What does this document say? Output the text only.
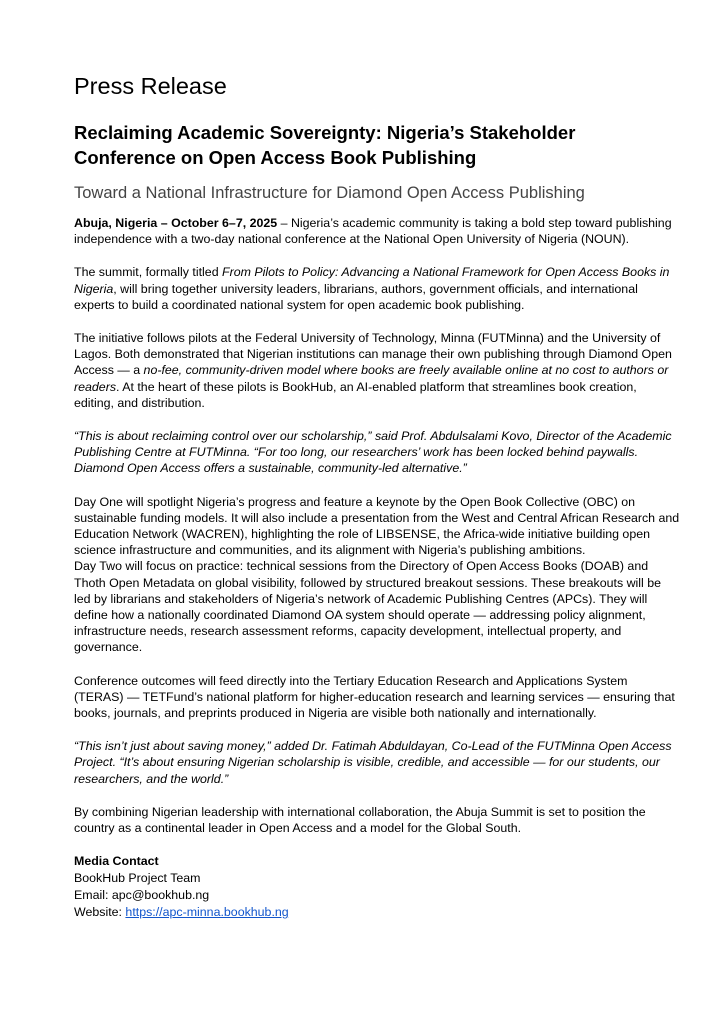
Press Release
Reclaiming Academic Sovereignty: Nigeria’s Stakeholder Conference on Open Access Book Publishing
Toward a National Infrastructure for Diamond Open Access Publishing

Abuja, Nigeria – October 6–7, 2025 – Nigeria’s academic community is taking a bold step toward publishing independence with a two-day national conference at the National Open University of Nigeria (NOUN).

The summit, formally titled From Pilots to Policy: Advancing a National Framework for Open Access Books in Nigeria, will bring together university leaders, librarians, authors, government officials, and international experts to build a coordinated national system for open academic book publishing.

The initiative follows pilots at the Federal University of Technology, Minna (FUTMinna) and the University of Lagos. Both demonstrated that Nigerian institutions can manage their own publishing through Diamond Open Access — a no-fee, community-driven model where books are freely available online at no cost to authors or readers. At the heart of these pilots is BookHub, an AI-enabled platform that streamlines book creation, editing, and distribution.

“This is about reclaiming control over our scholarship,” said Prof. Abdulsalami Kovo, Director of the Academic Publishing Centre at FUTMinna. “For too long, our researchers’ work has been locked behind paywalls. Diamond Open Access offers a sustainable, community-led alternative.”

Day One will spotlight Nigeria’s progress and feature a keynote by the Open Book Collective (OBC) on sustainable funding models. It will also include a presentation from the West and Central African Research and Education Network (WACREN), highlighting the role of LIBSENSE, the Africa-wide initiative building open science infrastructure and communities, and its alignment with Nigeria’s publishing ambitions.

Day Two will focus on practice: technical sessions from the Directory of Open Access Books (DOAB) and Thoth Open Metadata on global visibility, followed by structured breakout sessions. These breakouts will be led by librarians and stakeholders of Nigeria’s network of Academic Publishing Centres (APCs). They will define how a nationally coordinated Diamond OA system should operate — addressing policy alignment, infrastructure needs, research assessment reforms, capacity development, intellectual property, and governance.

Conference outcomes will feed directly into the Tertiary Education Research and Applications System (TERAS) — TETFund’s national platform for higher-education research and learning services — ensuring that books, journals, and preprints produced in Nigeria are visible both nationally and internationally.

“This isn’t just about saving money,” added Dr. Fatimah Abduldayan, Co-Lead of the FUTMinna Open Access Project. “It’s about ensuring Nigerian scholarship is visible, credible, and accessible — for our students, our researchers, and the world.”

By combining Nigerian leadership with international collaboration, the Abuja Summit is set to position the country as a continental leader in Open Access and a model for the Global South.

Media Contact
BookHub Project Team
Email: apc@bookhub.ng
Website: https://apc-minna.bookhub.ng
